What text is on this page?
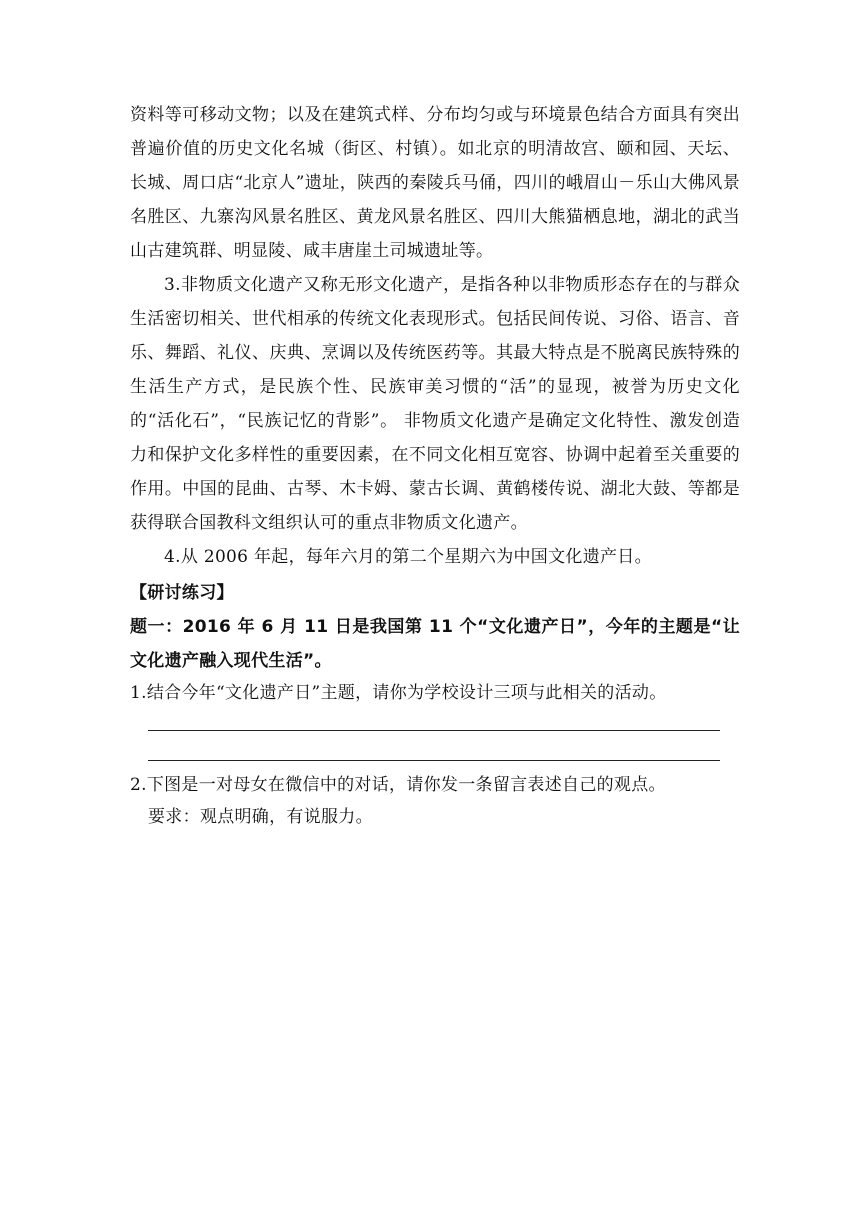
资料等可移动文物；以及在建筑式样、分布均匀或与环境景色结合方面具有突出普遍价值的历史文化名城（街区、村镇）。如北京的明清故宫、颐和园、天坛、长城、周口店“北京人”遗址，陕西的秦陵兵马俑，四川的峨眉山－乐山大佛风景名胜区、九寨沟风景名胜区、黄龙风景名胜区、四川大熊猫栖息地，湖北的武当山古建筑群、明显陵、咸丰唐崖土司城遗址等。

3.非物质文化遗产又称无形文化遗产，是指各种以非物质形态存在的与群众生活密切相关、世代相承的传统文化表现形式。包括民间传说、习俗、语言、音乐、舞蹈、礼仪、庆典、烹调以及传统医药等。其最大特点是不脱离民族特殊的生活生产方式，是民族个性、民族审美习惯的“活”的显现，被誉为历史文化的“活化石”，“民族记忆的背影”。 非物质文化遗产是确定文化特性、激发创造力和保护文化多样性的重要因素，在不同文化相互宽容、协调中起着至关重要的作用。中国的昆曲、古琴、木卡姆、蒙古长调、黄鹤楼传说、湖北大鼓、等都是获得联合国教科文组织认可的重点非物质文化遗产。

4.从 2006 年起，每年六月的第二个星期六为中国文化遗产日。

【研讨练习】

题一：2016 年 6 月 11 日是我国第 11 个“文化遗产日”，今年的主题是“让文化遗产融入现代生活”。

1.结合今年“文化遗产日”主题，请你为学校设计三项与此相关的活动。

2.下图是一对母女在微信中的对话，请你发一条留言表述自己的观点。

要求：观点明确，有说服力。
